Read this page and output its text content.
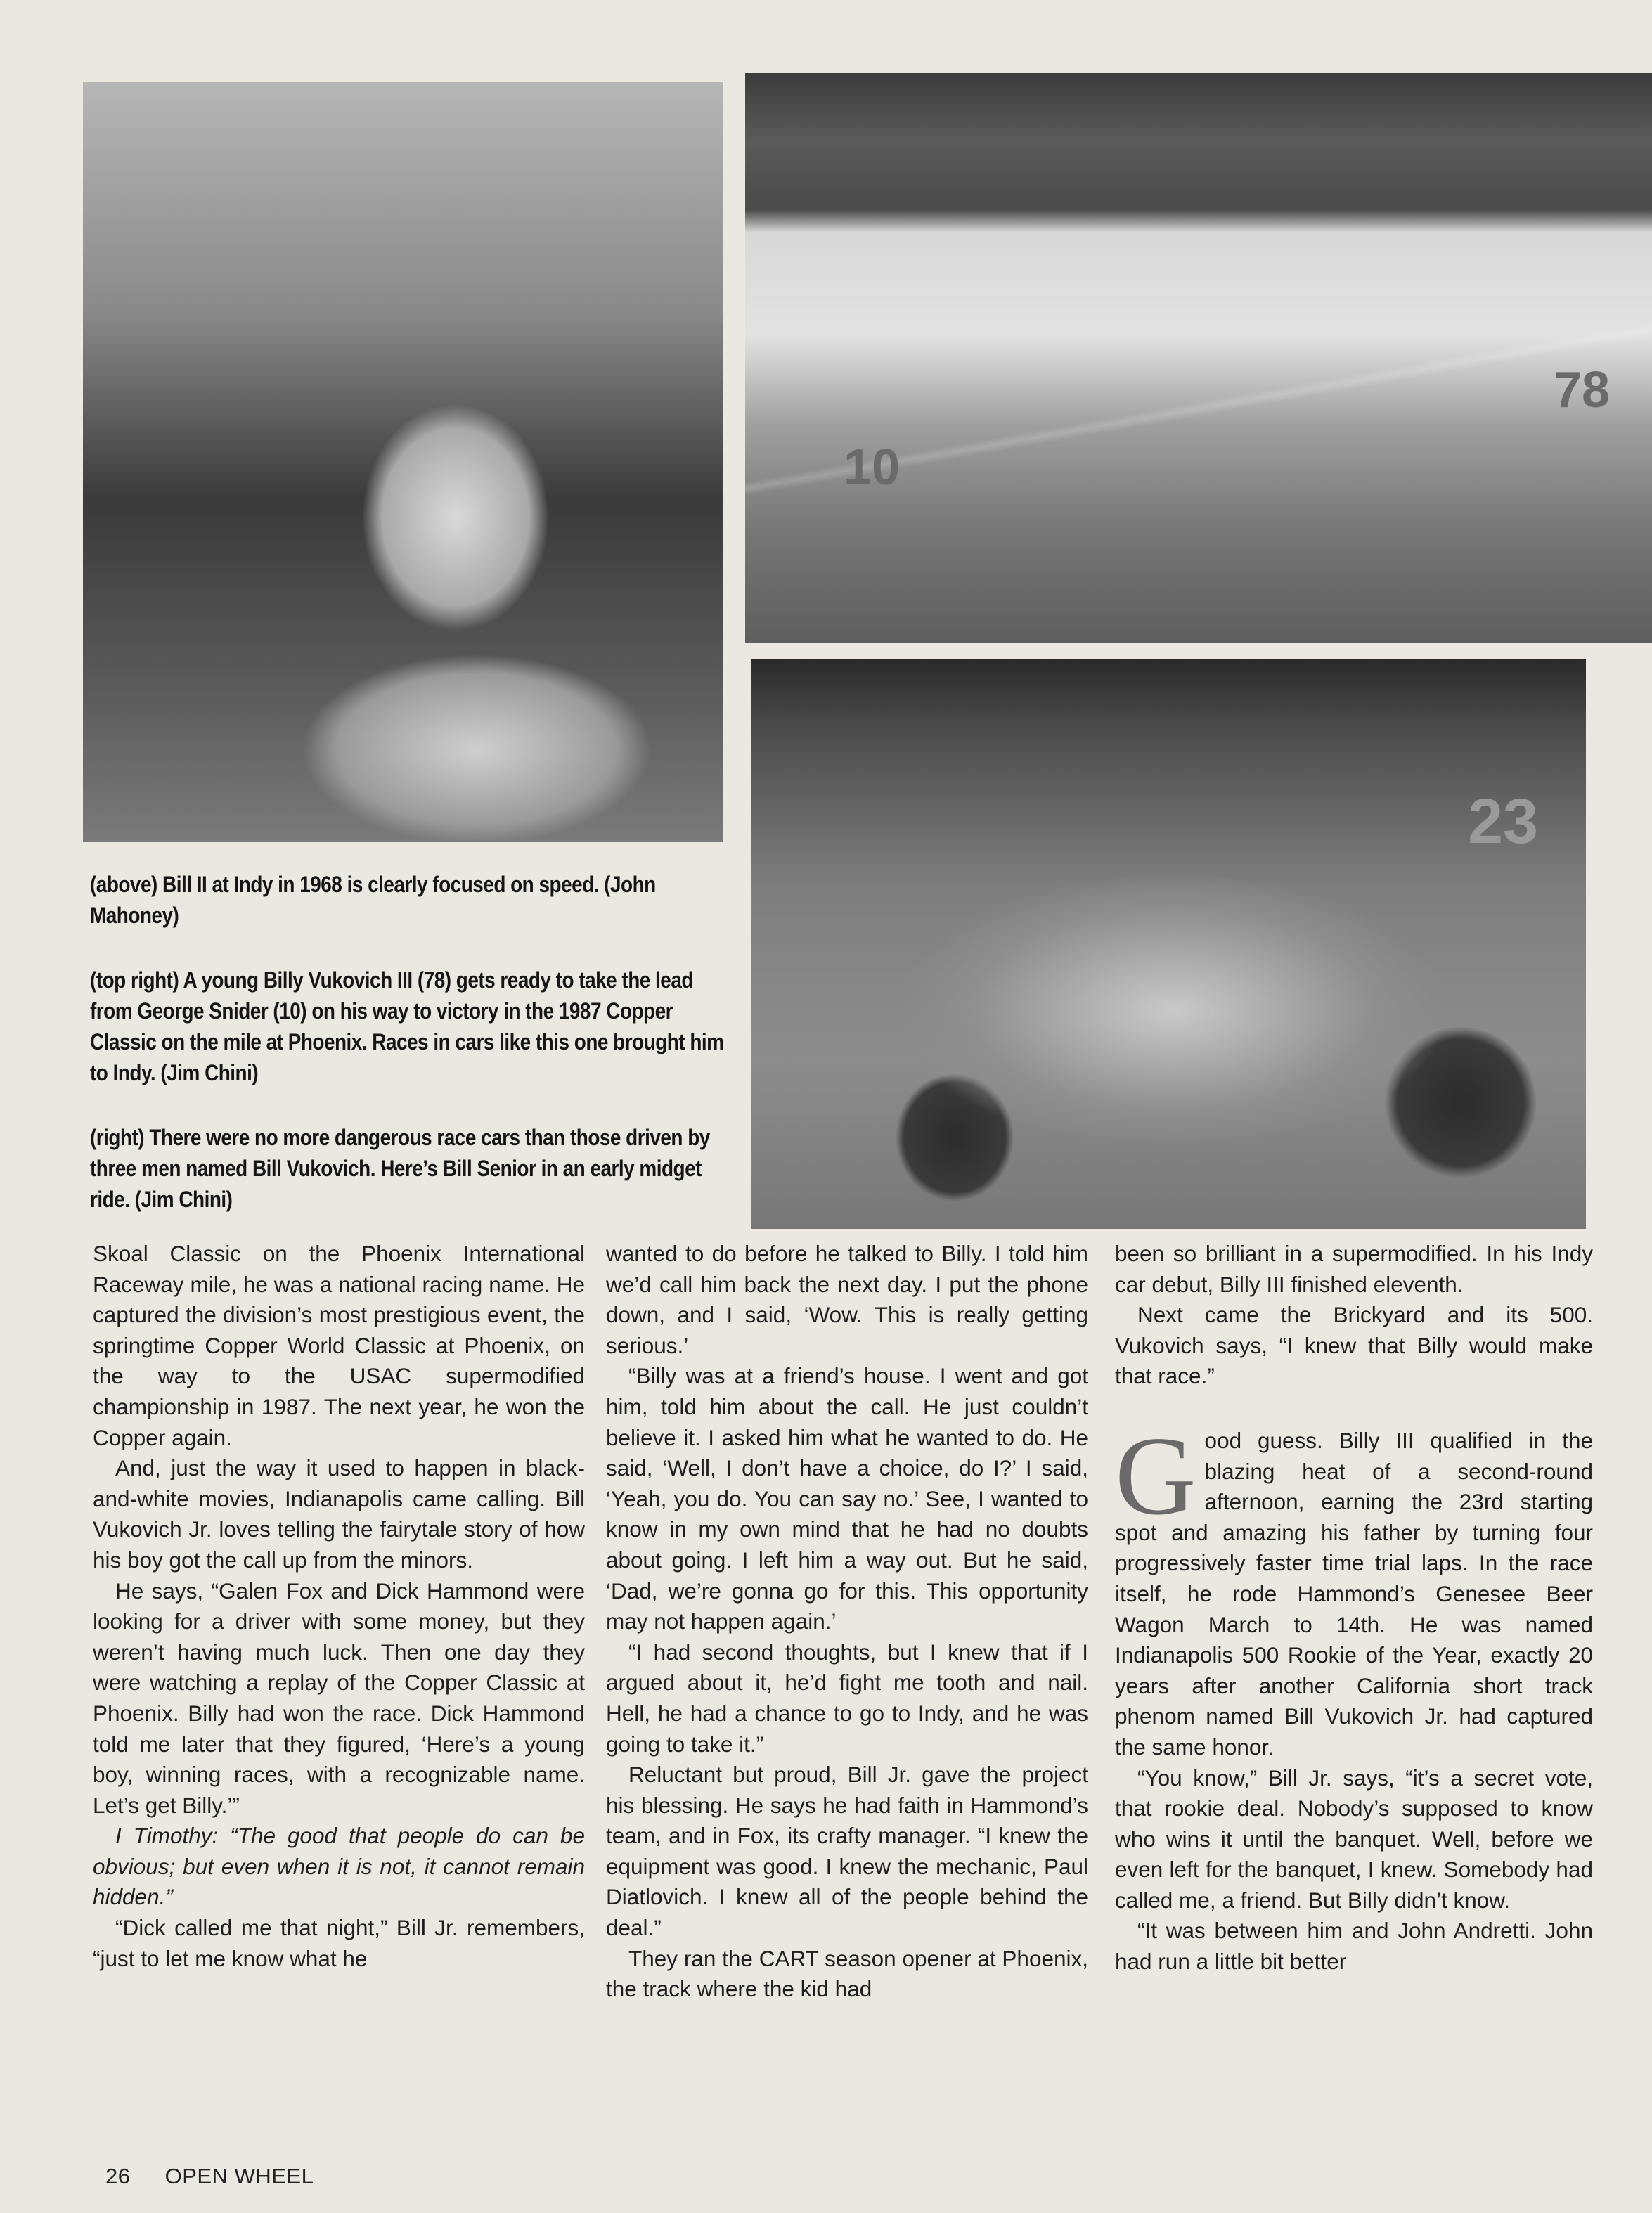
10
78
23

(above) Bill II at Indy in 1968 is clearly focused on speed. (John Mahoney)

(top right) A young Billy Vukovich III (78) gets ready to take the lead from George Snider (10) on his way to victory in the 1987 Copper Classic on the mile at Phoenix. Races in cars like this one brought him to Indy. (Jim Chini)

(right) There were no more dangerous race cars than those driven by three men named Bill Vukovich. Here’s Bill Senior in an early midget ride. (Jim Chini)

Skoal Classic on the Phoenix International Raceway mile, he was a national racing name. He captured the division’s most prestigious event, the springtime Copper World Classic at Phoenix, on the way to the USAC supermodified championship in 1987. The next year, he won the Copper again.

And, just the way it used to happen in black-and-white movies, Indianapolis came calling. Bill Vukovich Jr. loves telling the fairytale story of how his boy got the call up from the minors.

He says, “Galen Fox and Dick Hammond were looking for a driver with some money, but they weren’t having much luck. Then one day they were watching a replay of the Copper Classic at Phoenix. Billy had won the race. Dick Hammond told me later that they figured, ‘Here’s a young boy, winning races, with a recognizable name. Let’s get Billy.’”

I Timothy: “The good that people do can be obvious; but even when it is not, it cannot remain hidden.”

“Dick called me that night,” Bill Jr. remembers, “just to let me know what he

wanted to do before he talked to Billy. I told him we’d call him back the next day. I put the phone down, and I said, ‘Wow. This is really getting serious.’

“Billy was at a friend’s house. I went and got him, told him about the call. He just couldn’t believe it. I asked him what he wanted to do. He said, ‘Well, I don’t have a choice, do I?’ I said, ‘Yeah, you do. You can say no.’ See, I wanted to know in my own mind that he had no doubts about going. I left him a way out. But he said, ‘Dad, we’re gonna go for this. This opportunity may not happen again.’

“I had second thoughts, but I knew that if I argued about it, he’d fight me tooth and nail. Hell, he had a chance to go to Indy, and he was going to take it.”

Reluctant but proud, Bill Jr. gave the project his blessing. He says he had faith in Hammond’s team, and in Fox, its crafty manager. “I knew the equipment was good. I knew the mechanic, Paul Diatlovich. I knew all of the people behind the deal.”

They ran the CART season opener at Phoenix, the track where the kid had

been so brilliant in a supermodified. In his Indy car debut, Billy III finished eleventh.

Next came the Brickyard and its 500. Vukovich says, “I knew that Billy would make that race.”

Good guess. Billy III qualified in the blazing heat of a second-round afternoon, earning the 23rd starting spot and amazing his father by turning four progressively faster time trial laps. In the race itself, he rode Hammond’s Genesee Beer Wagon March to 14th. He was named Indianapolis 500 Rookie of the Year, exactly 20 years after another California short track phenom named Bill Vukovich Jr. had captured the same honor.

“You know,” Bill Jr. says, “it’s a secret vote, that rookie deal. Nobody’s supposed to know who wins it until the banquet. Well, before we even left for the banquet, I knew. Somebody had called me, a friend. But Billy didn’t know.

“It was between him and John Andretti. John had run a little bit better

26 OPEN WHEEL
